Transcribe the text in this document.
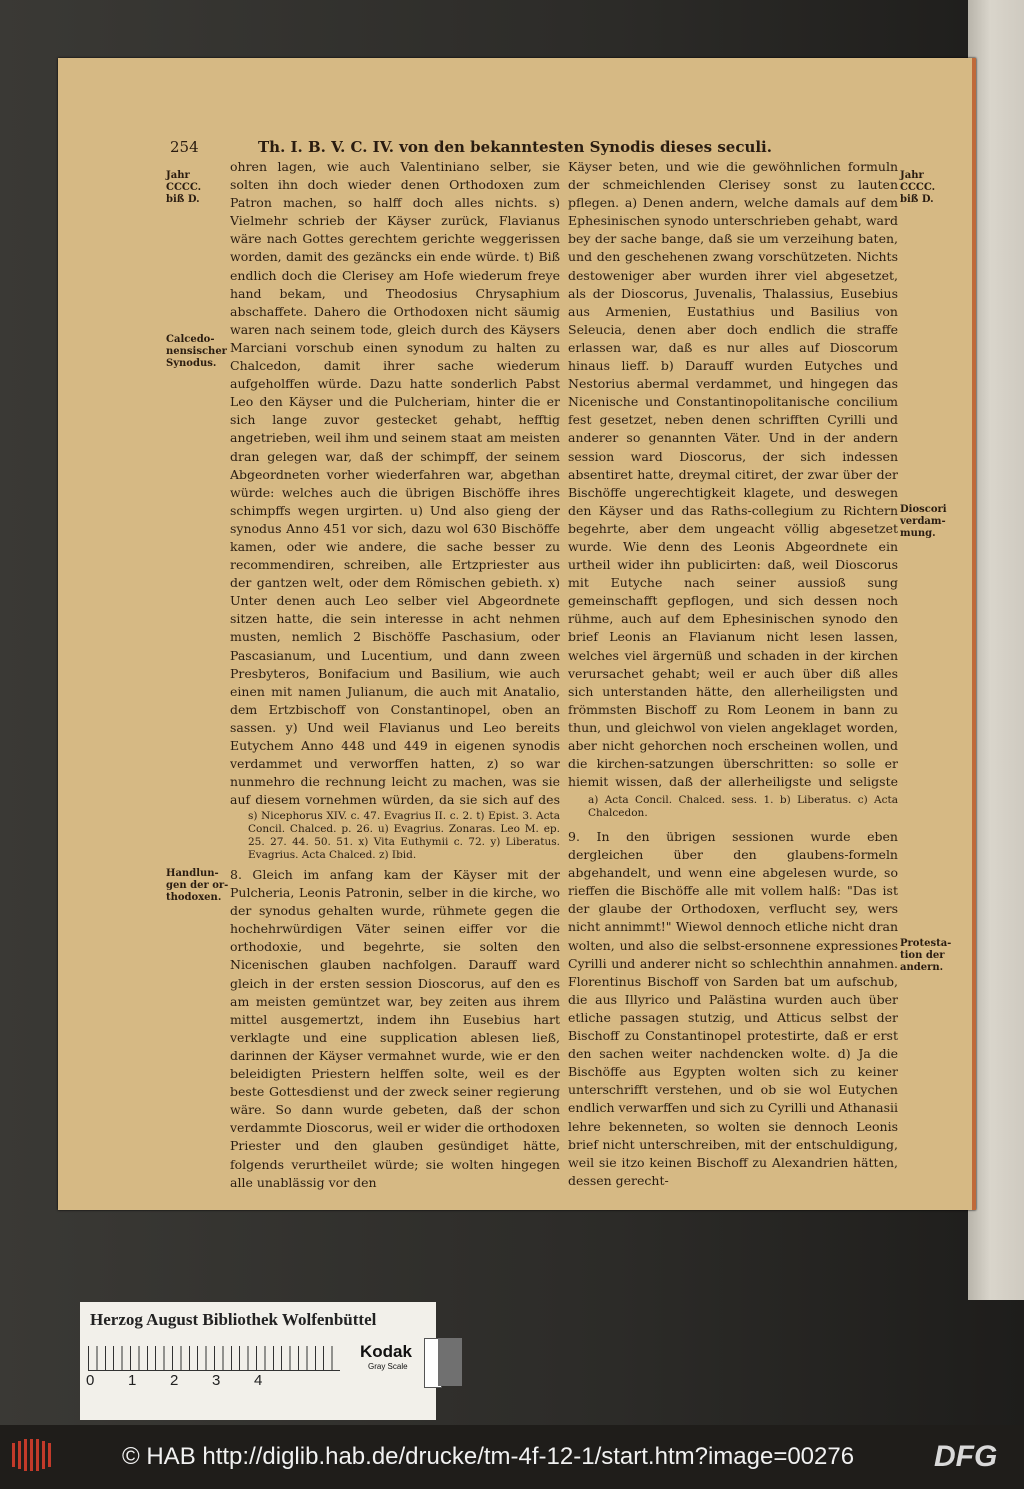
254	Th. I. B. V. C. IV. von den bekanntesten Synodis dieses seculi.
Jahr
CCCC.
biß D.
Calcedo-
nensischer
Synodus.
Handlun-
gen der or-
thodoxen.
Jahr
CCCC.
biß D.
Dioscori
verdam-
mung.
Protesta-
tion der
andern.

ohren lagen, wie auch Valentiniano selber, sie solten ihn doch wieder denen Orthodoxen zum Patron machen, so halff doch alles nichts. s) Vielmehr schrieb der Käyser zurück, Flavianus wäre nach Gottes gerechtem gerichte weggerissen worden, damit des gezäncks ein ende würde. t) Biß endlich doch die Clerisey am Hofe wiederum freye hand bekam, und Theodosius Chrysaphium abschaffete. Dahero die Orthodoxen nicht säumig waren nach seinem tode, gleich durch des Käysers Marciani vorschub einen synodum zu halten zu Chalcedon, damit ihrer sache wiederum aufgeholffen würde. Dazu hatte sonderlich Pabst Leo den Käyser und die Pulcheriam, hinter die er sich lange zuvor gestecket gehabt, hefftig angetrieben, weil ihm und seinem staat am meisten dran gelegen war, daß der schimpff, der seinem Abgeordneten vorher wiederfahren war, abgethan würde: welches auch die übrigen Bischöffe ihres schimpffs wegen urgirten. u) Und also gieng der synodus Anno 451 vor sich, dazu wol 630 Bischöffe kamen, oder wie andere, die sache besser zu recommendiren, schreiben, alle Ertzpriester aus der gantzen welt, oder dem Römischen gebieth. x) Unter denen auch Leo selber viel Abgeordnete sitzen hatte, die sein interesse in acht nehmen musten, nemlich 2 Bischöffe Paschasium, oder Pascasianum, und Lucentium, und dann zween Presbyteros, Bonifacium und Basilium, wie auch einen mit namen Julianum, die auch mit Anatalio, dem Ertzbischoff von Constantinopel, oben an sassen. y) Und weil Flavianus und Leo bereits Eutychem Anno 448 und 449 in eigenen synodis verdammet und verworffen hatten, z) so war nunmehro die rechnung leicht zu machen, was sie auf diesem vornehmen würden, da sie sich auf des

s) Nicephorus XIV. c. 47. Evagrius II. c. 2. t) Epist. 3. Acta Concil. Chalced. p. 26. u) Evagrius. Zonaras. Leo M. ep. 25. 27. 44. 50. 51. x) Vita Euthymii c. 72. y) Liberatus. Evagrius. Acta Chalced. z) Ibid.

8. Gleich im anfang kam der Käyser mit der Pulcheria, Leonis Patronin, selber in die kirche, wo der synodus gehalten wurde, rühmete gegen die hochehrwürdigen Väter seinen eiffer vor die orthodoxie, und begehrte, sie solten den Nicenischen glauben nachfolgen. Darauff ward gleich in der ersten session Dioscorus, auf den es am meisten gemüntzet war, bey zeiten aus ihrem mittel ausgemertzt, indem ihn Eusebius hart verklagte und eine supplication ablesen ließ, darinnen der Käyser vermahnet wurde, wie er den beleidigten Priestern helffen solte, weil es der beste Gottesdienst und der zweck seiner regierung wäre. So dann wurde gebeten, daß der schon verdammte Dioscorus, weil er wider die orthodoxen Priester und den glauben gesündiget hätte, folgends verurtheilet würde; sie wolten hingegen alle unablässig vor den

Käyser beten, und wie die gewöhnlichen formuln der schmeichlenden Clerisey sonst zu lauten pflegen. a) Denen andern, welche damals auf dem Ephesinischen synodo unterschrieben gehabt, ward bey der sache bange, daß sie um verzeihung baten, und den geschehenen zwang vorschützeten. Nichts destoweniger aber wurden ihrer viel abgesetzet, als der Dioscorus, Juvenalis, Thalassius, Eusebius aus Armenien, Eustathius und Basilius von Seleucia, denen aber doch endlich die straffe erlassen war, daß es nur alles auf Dioscorum hinaus lieff. b) Darauff wurden Eutyches und Nestorius abermal verdammet, und hingegen das Nicenische und Constantinopolitanische concilium fest gesetzet, neben denen schrifften Cyrilli und anderer so genannten Väter. Und in der andern session ward Dioscorus, der sich indessen absentiret hatte, dreymal citiret, der zwar über der Bischöffe ungerechtigkeit klagete, und deswegen den Käyser und das Raths-collegium zu Richtern begehrte, aber dem ungeacht völlig abgesetzet wurde. Wie denn des Leonis Abgeordnete ein urtheil wider ihn publicirten: daß, weil Dioscorus mit Eutyche nach seiner aussioß sung gemeinschafft gepflogen, und sich dessen noch rühme, auch auf dem Ephesinischen synodo den brief Leonis an Flavianum nicht lesen lassen, welches viel ärgernüß und schaden in der kirchen verursachet gehabt; weil er auch über diß alles sich unterstanden hätte, den allerheiligsten und frömmsten Bischoff zu Rom Leonem in bann zu thun, und gleichwol von vielen angeklaget worden, aber nicht gehorchen noch erscheinen wollen, und die kirchen-satzungen überschritten: so solle er hiemit wissen, daß der allerheiligste und seligste

a) Acta Concil. Chalced. sess. 1. b) Liberatus. c) Acta Chalcedon.

9. In den übrigen sessionen wurde eben dergleichen über den glaubens-formeln abgehandelt, und wenn eine abgelesen wurde, so rieffen die Bischöffe alle mit vollem halß: "Das ist der glaube der Orthodoxen, verflucht sey, wers nicht annimmt!" Wiewol dennoch etliche nicht dran wolten, und also die selbst-ersonnene expressiones Cyrilli und anderer nicht so schlechthin annahmen. Florentinus Bischoff von Sarden bat um aufschub, die aus Illyrico und Palästina wurden auch über etliche passagen stutzig, und Atticus selbst der Bischoff zu Constantinopel protestirte, daß er erst den sachen weiter nachdencken wolte. d) Ja die Bischöffe aus Egypten wolten sich zu keiner unterschrifft verstehen, und ob sie wol Eutychen endlich verwarffen und sich zu Cyrilli und Athanasii lehre bekenneten, so wolten sie dennoch Leonis brief nicht unterschreiben, mit der entschuldigung, weil sie itzo keinen Bischoff zu Alexandrien hätten, dessen gerecht-

Herzog August Bibliothek Wolfenbüttel
0 1 2 3 4
Kodak
Gray Scale
© HAB http://diglib.hab.de/drucke/tm-4f-12-1/start.htm?image=00276	DFG
